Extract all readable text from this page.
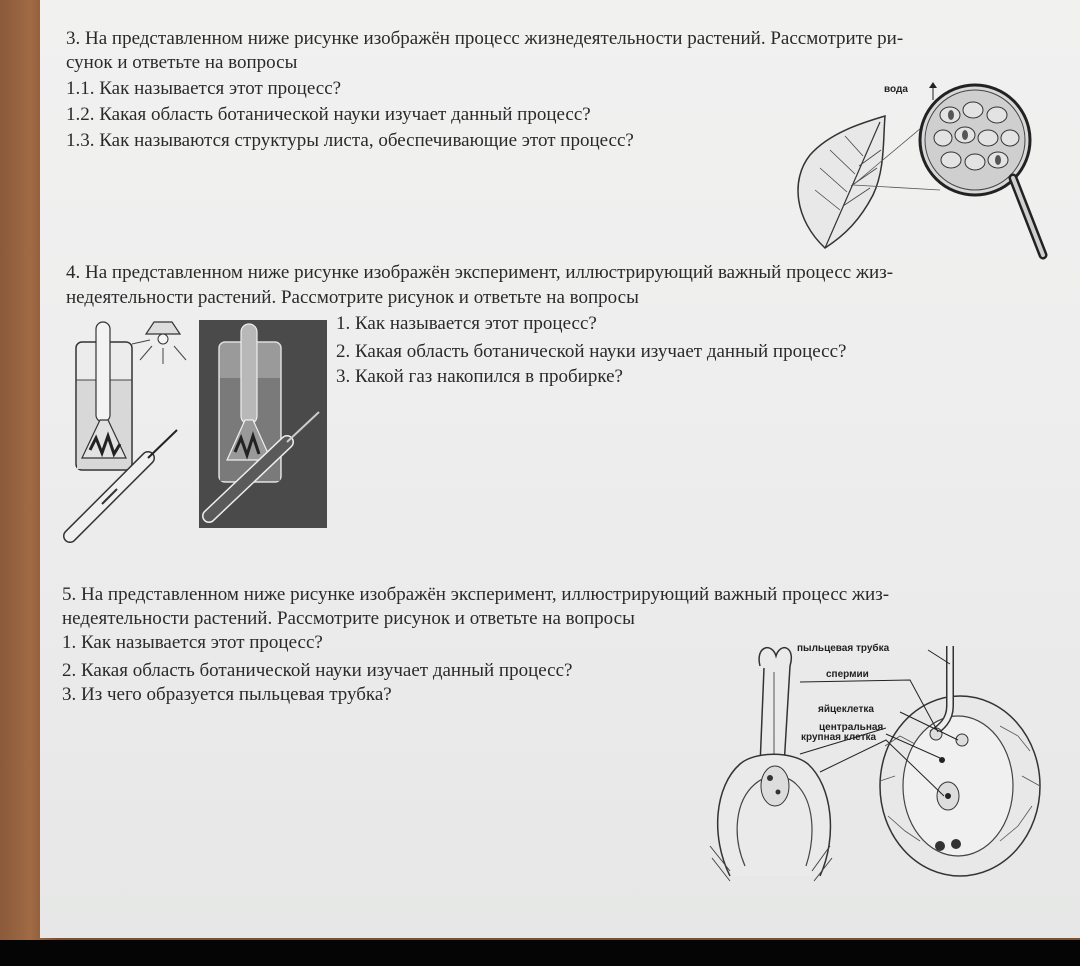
3. На представленном ниже рисунке изображён процесс жизнедеятельности растений. Рассмотрите ри-
сунок и ответьте на вопросы
1.1. Как называется этот процесс?
1.2. Какая область ботанической науки изучает данный процесс?
1.3. Как называются структуры листа, обеспечивающие этот процесс?
вода
4. На представленном ниже рисунке изображён эксперимент, иллюстрирующий важный процесс жиз-
недеятельности растений. Рассмотрите рисунок и ответьте на вопросы
1. Как называется этот процесс?
2. Какая область ботанической науки изучает данный процесс?
3. Какой газ накопился в пробирке?
5. На представленном ниже рисунке изображён эксперимент, иллюстрирующий важный процесс жиз-
недеятельности растений. Рассмотрите рисунок и ответьте на вопросы
1. Как называется этот процесс?
2. Какая область ботанической науки изучает данный процесс?
3. Из чего образуется пыльцевая трубка?
пыльцевая трубка
спермии
яйцеклетка
центральная
крупная клетка
